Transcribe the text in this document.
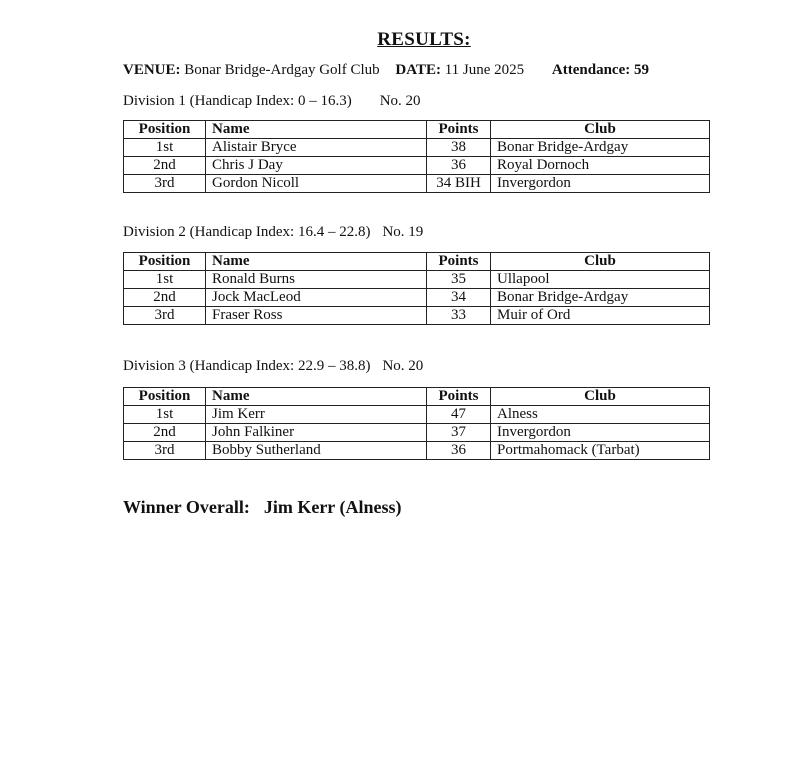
RESULTS:
VENUE: Bonar Bridge-Ardgay Golf Club DATE: 11 June 2025 Attendance: 59
Division 1 (Handicap Index: 0 – 16.3) No. 20
Position	Name	Points	Club
1st	Alistair Bryce	38	Bonar Bridge-Ardgay
2nd	Chris J Day	36	Royal Dornoch
3rd	Gordon Nicoll	34 BIH	Invergordon
Division 2 (Handicap Index: 16.4 – 22.8) No. 19
Position	Name	Points	Club
1st	Ronald Burns	35	Ullapool
2nd	Jock MacLeod	34	Bonar Bridge-Ardgay
3rd	Fraser Ross	33	Muir of Ord
Division 3 (Handicap Index: 22.9 – 38.8) No. 20
Position	Name	Points	Club
1st	Jim Kerr	47	Alness
2nd	John Falkiner	37	Invergordon
3rd	Bobby Sutherland	36	Portmahomack (Tarbat)
Winner Overall: Jim Kerr (Alness)
